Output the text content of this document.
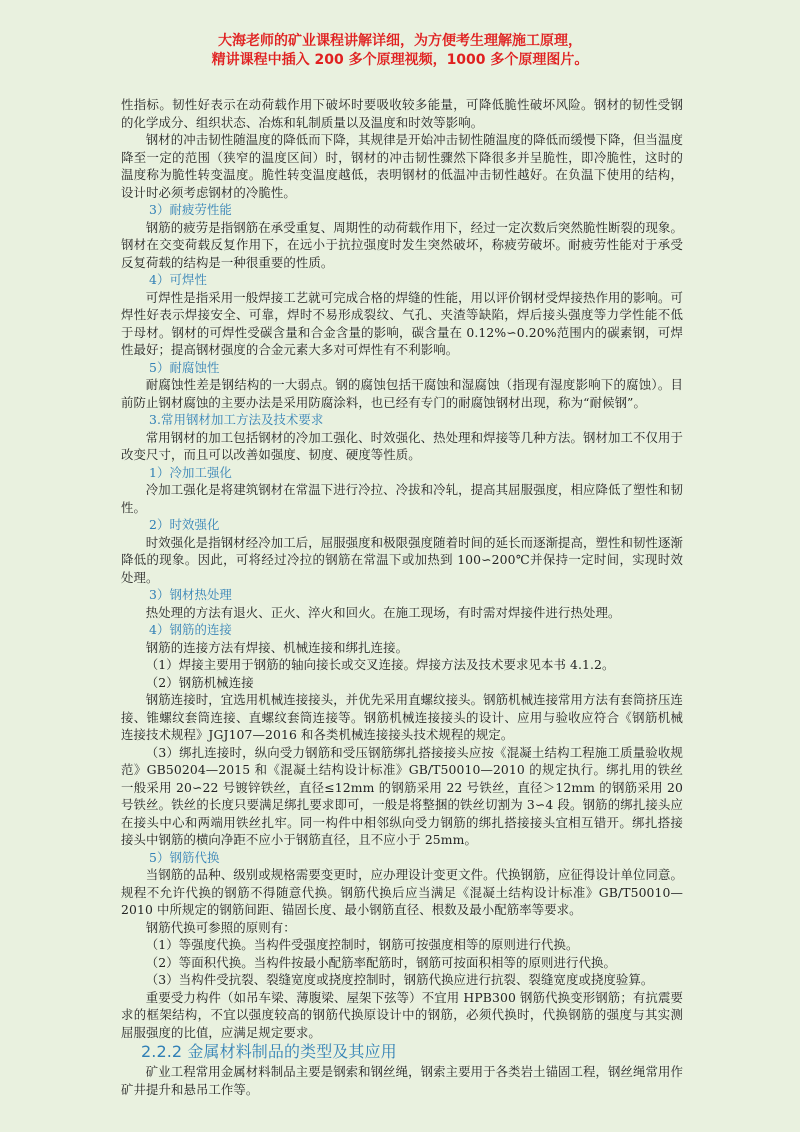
大海老师的矿业课程讲解详细，为方便考生理解施工原理，
精讲课程中插入 200 多个原理视频，1000 多个原理图片。

性指标。韧性好表示在动荷载作用下破坏时要吸收较多能量，可降低脆性破坏风险。钢材的韧性受钢的化学成分、组织状态、冶炼和轧制质量以及温度和时效等影响。

钢材的冲击韧性随温度的降低而下降，其规律是开始冲击韧性随温度的降低而缓慢下降，但当温度降至一定的范围（狭窄的温度区间）时，钢材的冲击韧性骤然下降很多并呈脆性，即冷脆性，这时的温度称为脆性转变温度。脆性转变温度越低，表明钢材的低温冲击韧性越好。在负温下使用的结构，设计时必须考虑钢材的冷脆性。

3）耐疲劳性能

钢筋的疲劳是指钢筋在承受重复、周期性的动荷载作用下，经过一定次数后突然脆性断裂的现象。钢材在交变荷载反复作用下，在远小于抗拉强度时发生突然破坏，称疲劳破坏。耐疲劳性能对于承受反复荷载的结构是一种很重要的性质。

4）可焊性

可焊性是指采用一般焊接工艺就可完成合格的焊缝的性能，用以评价钢材受焊接热作用的影响。可焊性好表示焊接安全、可靠，焊时不易形成裂纹、气孔、夹渣等缺陷，焊后接头强度等力学性能不低于母材。钢材的可焊性受碳含量和合金含量的影响，碳含量在 0.12%∽0.20%范围内的碳素钢，可焊性最好；提高钢材强度的合金元素大多对可焊性有不利影响。

5）耐腐蚀性

耐腐蚀性差是钢结构的一大弱点。钢的腐蚀包括干腐蚀和湿腐蚀（指现有湿度影响下的腐蚀）。目前防止钢材腐蚀的主要办法是采用防腐涂料，也已经有专门的耐腐蚀钢材出现，称为“耐候钢”。

3.常用钢材加工方法及技术要求

常用钢材的加工包括钢材的冷加工强化、时效强化、热处理和焊接等几种方法。钢材加工不仅用于改变尺寸，而且可以改善如强度、韧度、硬度等性质。

1）冷加工强化

冷加工强化是将建筑钢材在常温下进行冷拉、冷拔和冷轧，提高其屈服强度，相应降低了塑性和韧性。

2）时效强化

时效强化是指钢材经冷加工后，屈服强度和极限强度随着时间的延长而逐渐提高，塑性和韧性逐渐降低的现象。因此，可将经过冷拉的钢筋在常温下或加热到 100∽200℃并保持一定时间，实现时效处理。

3）钢材热处理

热处理的方法有退火、正火、淬火和回火。在施工现场，有时需对焊接件进行热处理。

4）钢筋的连接

钢筋的连接方法有焊接、机械连接和绑扎连接。

（1）焊接主要用于钢筋的轴向接长或交叉连接。焊接方法及技术要求见本书 4.1.2。

（2）钢筋机械连接

钢筋连接时，宜选用机械连接接头，并优先采用直螺纹接头。钢筋机械连接常用方法有套筒挤压连接、锥螺纹套筒连接、直螺纹套筒连接等。钢筋机械连接接头的设计、应用与验收应符合《钢筋机械连接技术规程》JGJ107—2016 和各类机械连接接头技术规程的规定。

（3）绑扎连接时，纵向受力钢筋和受压钢筋绑扎搭接接头应按《混凝土结构工程施工质量验收规范》GB50204—2015 和《混凝土结构设计标准》GB/T50010—2010 的规定执行。绑扎用的铁丝一般采用 20∽22 号镀锌铁丝，直径≤12mm 的钢筋采用 22 号铁丝，直径＞12mm 的钢筋采用 20 号铁丝。铁丝的长度只要满足绑扎要求即可，一般是将整捆的铁丝切割为 3∽4 段。钢筋的绑扎接头应在接头中心和两端用铁丝扎牢。同一构件中相邻纵向受力钢筋的绑扎搭接接头宜相互错开。绑扎搭接接头中钢筋的横向净距不应小于钢筋直径，且不应小于 25mm。

5）钢筋代换

当钢筋的品种、级别或规格需要变更时，应办理设计变更文件。代换钢筋，应征得设计单位同意。规程不允许代换的钢筋不得随意代换。钢筋代换后应当满足《混凝土结构设计标准》GB/T50010—2010 中所规定的钢筋间距、锚固长度、最小钢筋直径、根数及最小配筋率等要求。

钢筋代换可参照的原则有：

（1）等强度代换。当构件受强度控制时，钢筋可按强度相等的原则进行代换。

（2）等面积代换。当构件按最小配筋率配筋时，钢筋可按面积相等的原则进行代换。

（3）当构件受抗裂、裂缝宽度或挠度控制时，钢筋代换应进行抗裂、裂缝宽度或挠度验算。

重要受力构件（如吊车梁、薄腹梁、屋架下弦等）不宜用 HPB300 钢筋代换变形钢筋；有抗震要求的框架结构，不宜以强度较高的钢筋代换原设计中的钢筋，必须代换时，代换钢筋的强度与其实测屈服强度的比值，应满足规定要求。

2.2.2 金属材料制品的类型及其应用

矿业工程常用金属材料制品主要是钢索和钢丝绳，钢索主要用于各类岩土锚固工程，钢丝绳常用作矿井提升和悬吊工作等。
